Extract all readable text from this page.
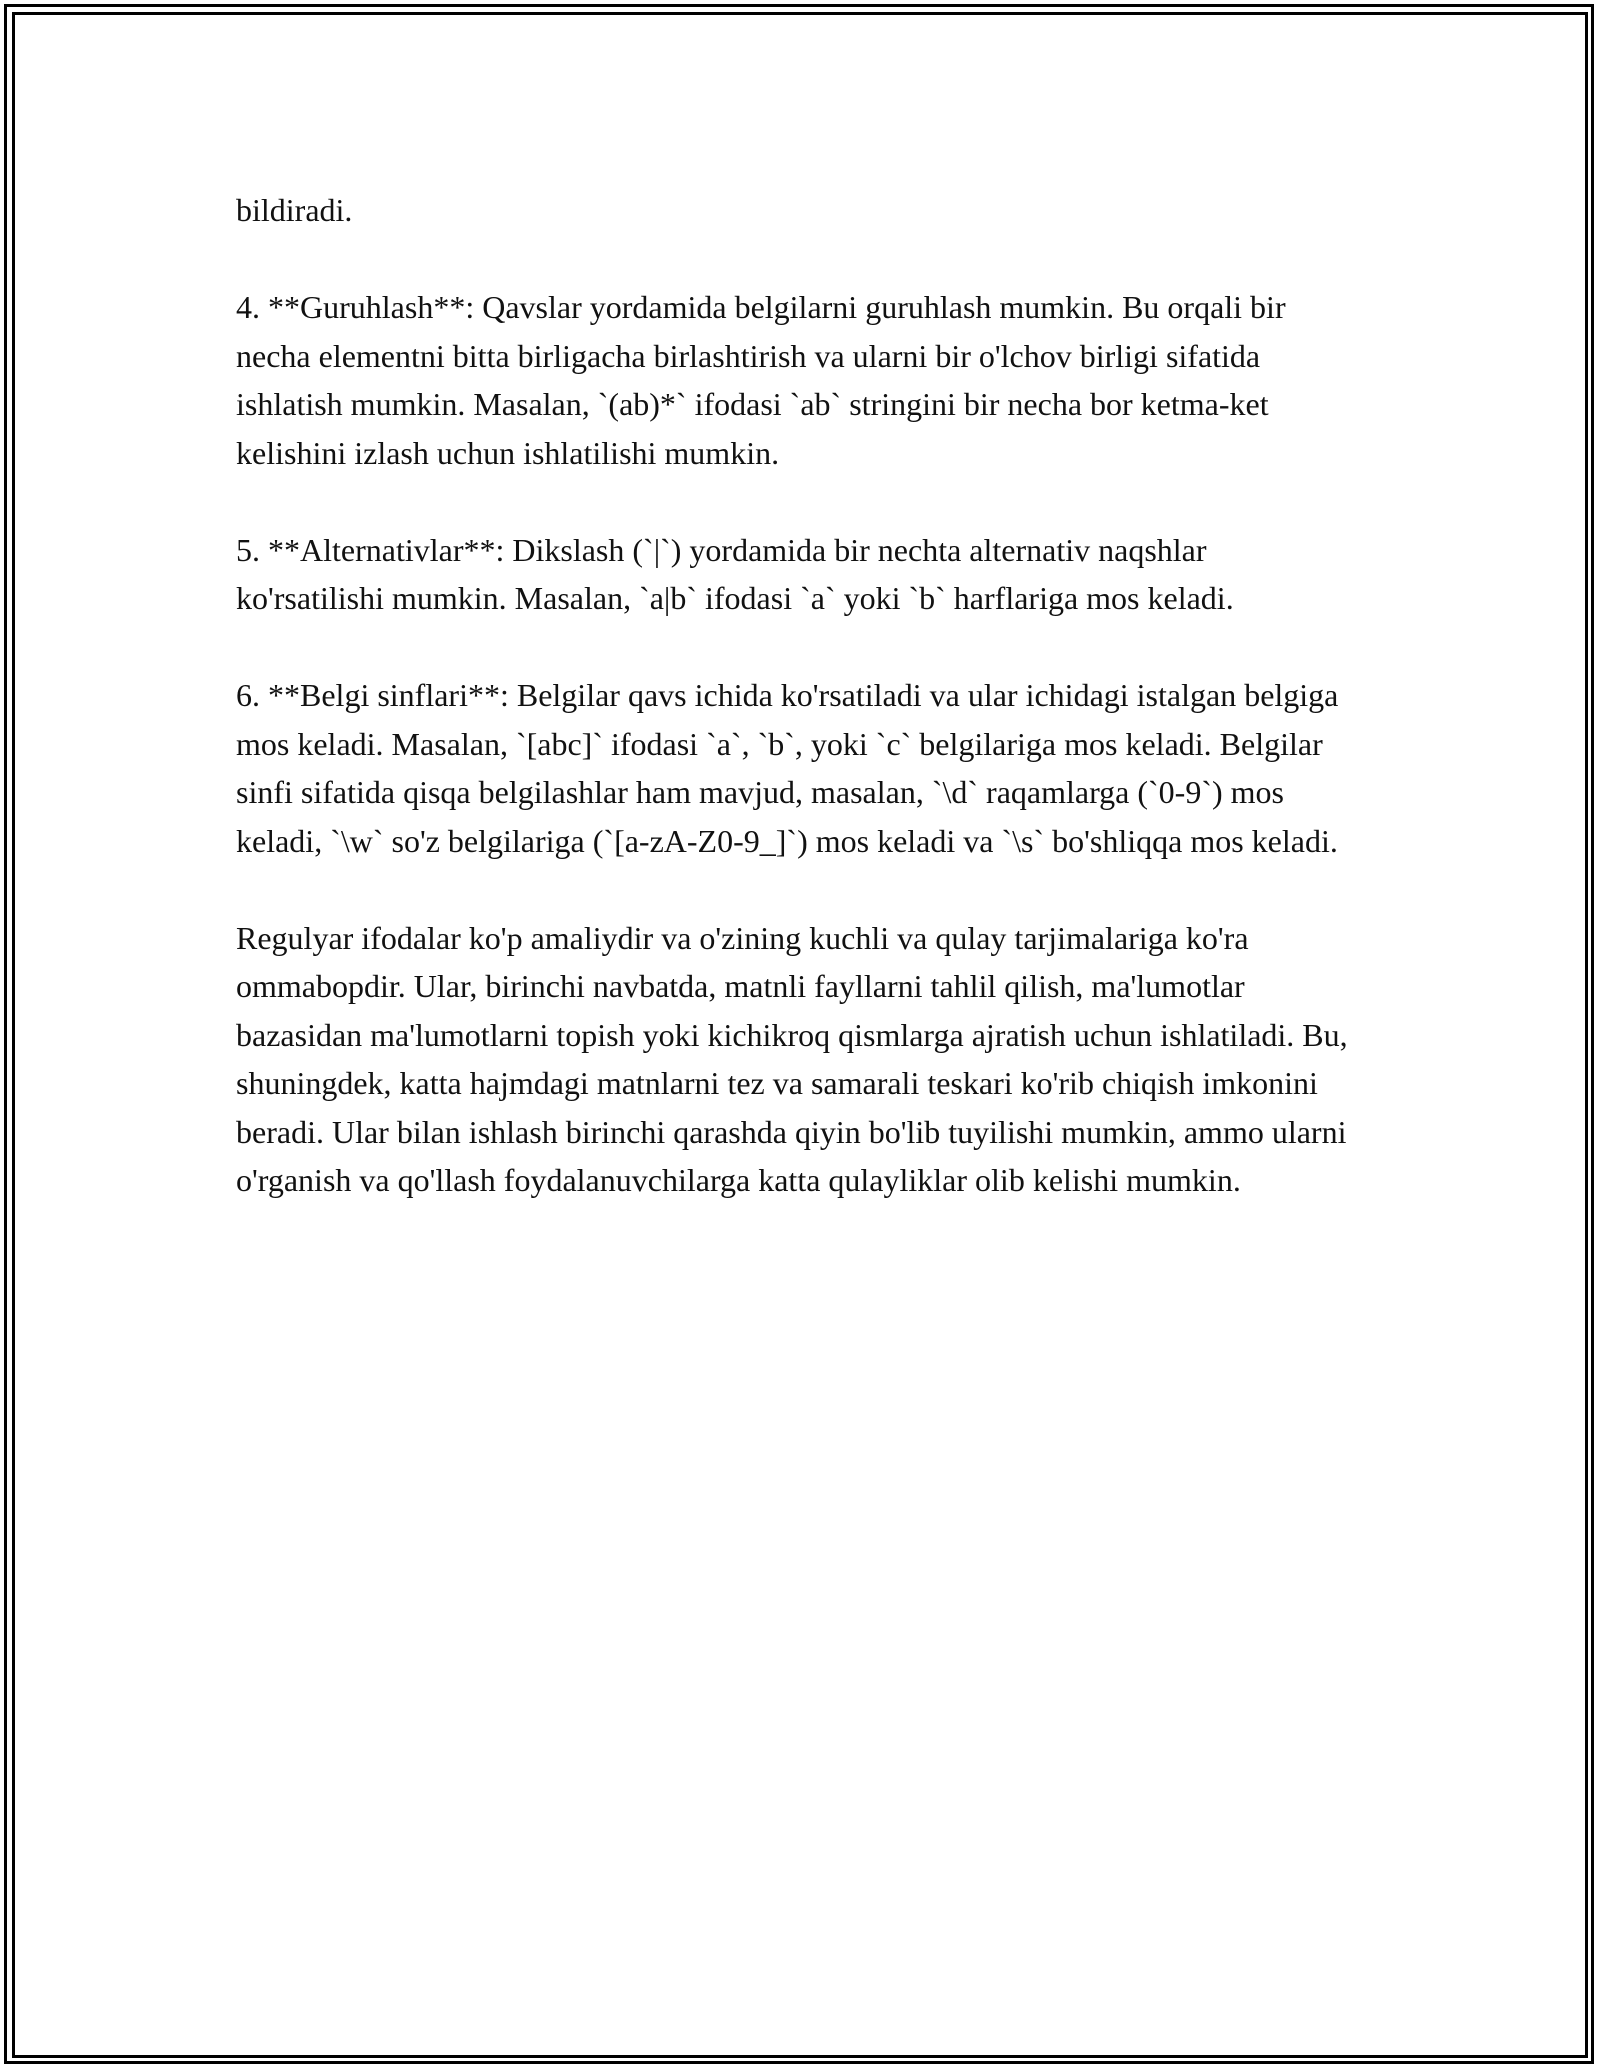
bildiradi.

4. **Guruhlash**: Qavslar yordamida belgilarni guruhlash mumkin. Bu orqali bir necha elementni bitta birligacha birlashtirish va ularni bir o'lchov birligi sifatida ishlatish mumkin. Masalan, `(ab)*` ifodasi `ab` stringini bir necha bor ketma-ket kelishini izlash uchun ishlatilishi mumkin.

5. **Alternativlar**: Dikslash (`|`) yordamida bir nechta alternativ naqshlar ko'rsatilishi mumkin. Masalan, `a|b` ifodasi `a` yoki `b` harflariga mos keladi.

6. **Belgi sinflari**: Belgilar qavs ichida ko'rsatiladi va ular ichidagi istalgan belgiga mos keladi. Masalan, `[abc]` ifodasi `a`, `b`, yoki `c` belgilariga mos keladi. Belgilar sinfi sifatida qisqa belgilashlar ham mavjud, masalan, `\d` raqamlarga (`0-9`) mos keladi, `\w` so'z belgilariga (`[a-zA-Z0-9_]`) mos keladi va `\s` bo'shliqqa mos keladi.

Regulyar ifodalar ko'p amaliydir va o'zining kuchli va qulay tarjimalariga ko'ra ommabopdir. Ular, birinchi navbatda, matnli fayllarni tahlil qilish, ma'lumotlar bazasidan ma'lumotlarni topish yoki kichikroq qismlarga ajratish uchun ishlatiladi. Bu, shuningdek, katta hajmdagi matnlarni tez va samarali teskari ko'rib chiqish imkonini beradi. Ular bilan ishlash birinchi qarashda qiyin bo'lib tuyilishi mumkin, ammo ularni o'rganish va qo'llash foydalanuvchilarga katta qulayliklar olib kelishi mumkin.
